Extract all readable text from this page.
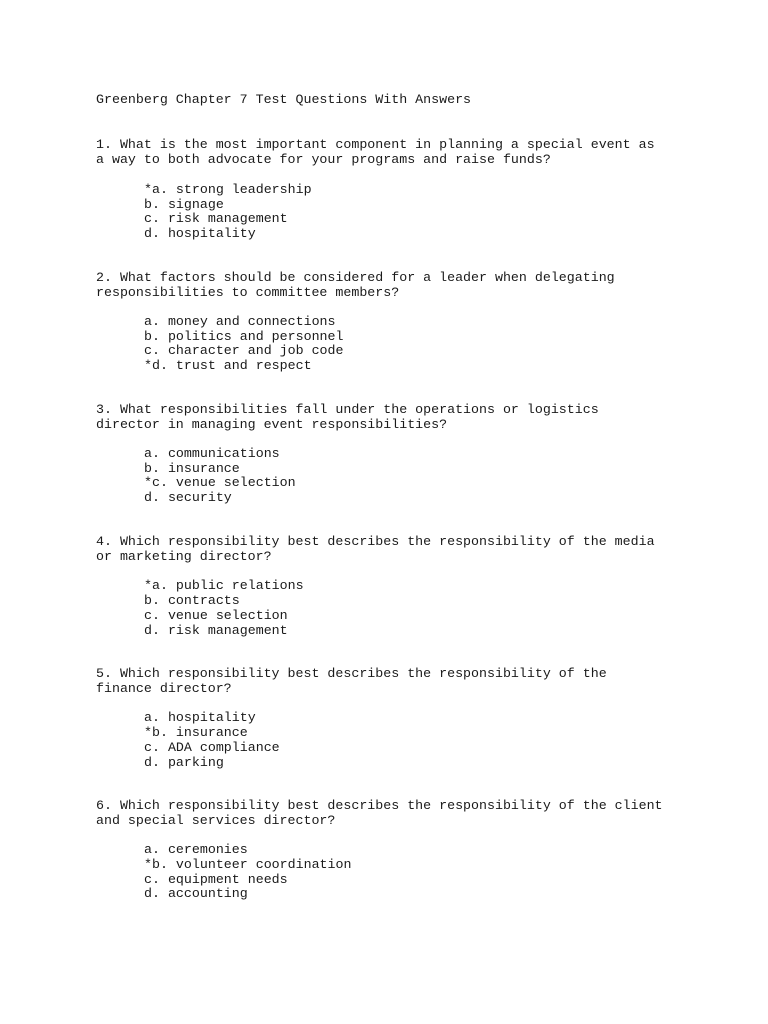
Greenberg Chapter 7 Test Questions With Answers
1. What is the most important component in planning a special event as
a way to both advocate for your programs and raise funds?
*a. strong leadership
b. signage
c. risk management
d. hospitality
2. What factors should be considered for a leader when delegating
responsibilities to committee members?
a. money and connections
b. politics and personnel
c. character and job code
*d. trust and respect
3. What responsibilities fall under the operations or logistics
director in managing event responsibilities?
a. communications
b. insurance
*c. venue selection
d. security
4. Which responsibility best describes the responsibility of the media
or marketing director?
*a. public relations
b. contracts
c. venue selection
d. risk management
5. Which responsibility best describes the responsibility of the
finance director?
a. hospitality
*b. insurance
c. ADA compliance
d. parking
6. Which responsibility best describes the responsibility of the client
and special services director?
a. ceremonies
*b. volunteer coordination
c. equipment needs
d. accounting
